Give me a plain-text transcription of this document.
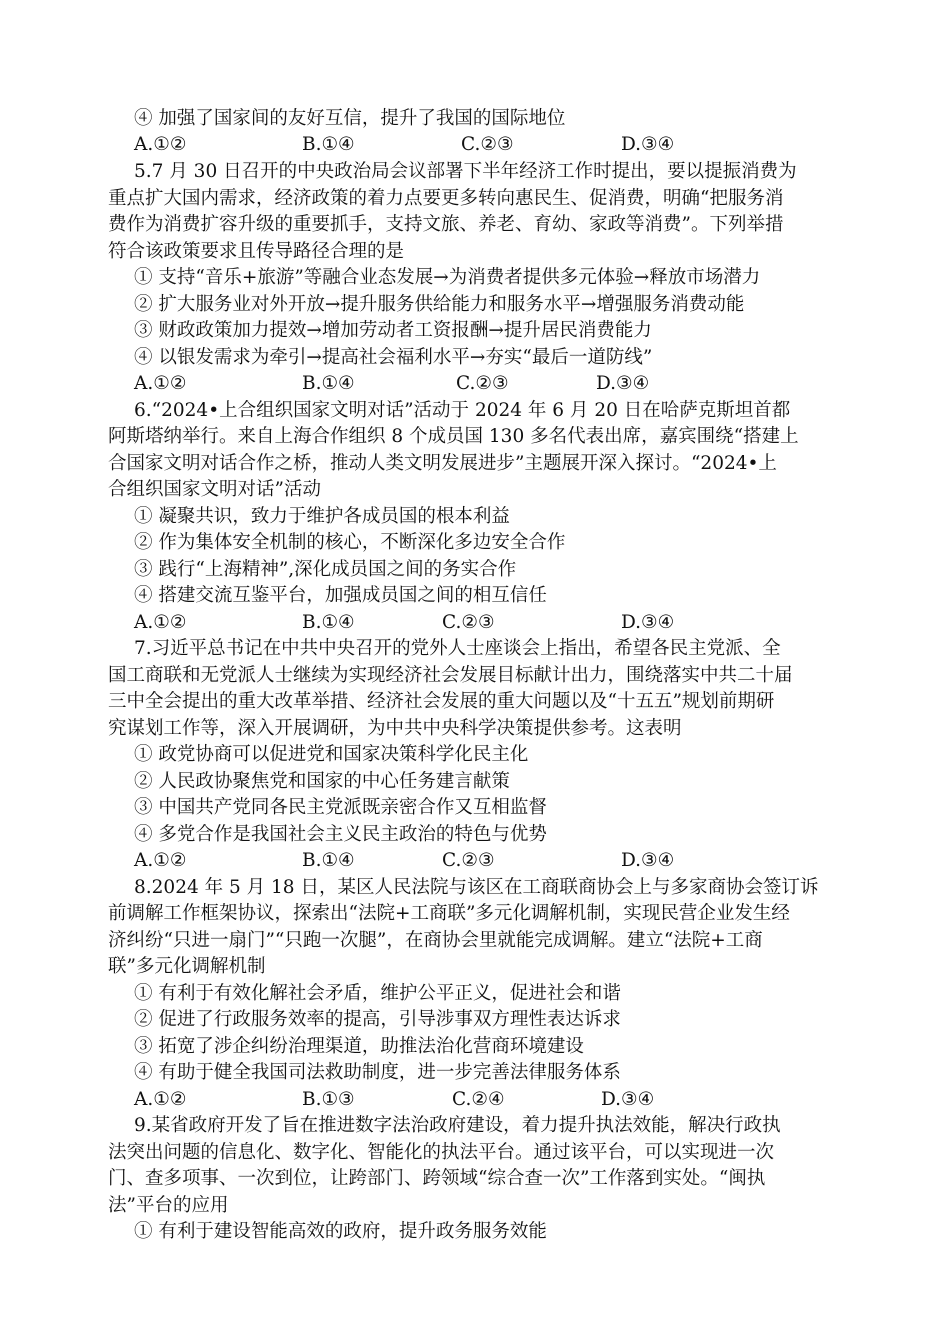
④ 加强了国家间的友好互信，提升了我国的国际地位
A.①②	B.①④	C.②③	D.③④
5.7 月 30 日召开的中央政治局会议部署下半年经济工作时提出，要以提振消费为
重点扩大国内需求，经济政策的着力点要更多转向惠民生、促消费，明确“把服务消
费作为消费扩容升级的重要抓手，支持文旅、养老、育幼、家政等消费”。下列举措
符合该政策要求且传导路径合理的是
① 支持“音乐+旅游”等融合业态发展→为消费者提供多元体验→释放市场潜力
② 扩大服务业对外开放→提升服务供给能力和服务水平→增强服务消费动能
③ 财政政策加力提效→增加劳动者工资报酬→提升居民消费能力
④ 以银发需求为牵引→提高社会福利水平→夯实“最后一道防线”
A.①②	B.①④	C.②③	D.③④
6.“2024•上合组织国家文明对话”活动于 2024 年 6 月 20 日在哈萨克斯坦首都
阿斯塔纳举行。来自上海合作组织 8 个成员国 130 多名代表出席，嘉宾围绕“搭建上
合国家文明对话合作之桥，推动人类文明发展进步”主题展开深入探讨。“2024•上
合组织国家文明对话”活动
① 凝聚共识，致力于维护各成员国的根本利益
② 作为集体安全机制的核心，不断深化多边安全合作
③ 践行“上海精神”,深化成员国之间的务实合作
④ 搭建交流互鉴平台，加强成员国之间的相互信任
A.①②	B.①④	C.②③	D.③④
7.习近平总书记在中共中央召开的党外人士座谈会上指出，希望各民主党派、全
国工商联和无党派人士继续为实现经济社会发展目标献计出力，围绕落实中共二十届
三中全会提出的重大改革举措、经济社会发展的重大问题以及“十五五”规划前期研
究谋划工作等，深入开展调研，为中共中央科学决策提供参考。这表明
① 政党协商可以促进党和国家决策科学化民主化
② 人民政协聚焦党和国家的中心任务建言献策
③ 中国共产党同各民主党派既亲密合作又互相监督
④ 多党合作是我国社会主义民主政治的特色与优势
A.①②	B.①④	C.②③	D.③④
8.2024 年 5 月 18 日，某区人民法院与该区在工商联商协会上与多家商协会签订诉
前调解工作框架协议，探索出“法院+工商联”多元化调解机制，实现民营企业发生经
济纠纷“只进一扇门”“只跑一次腿”，在商协会里就能完成调解。建立“法院+工商
联”多元化调解机制
① 有利于有效化解社会矛盾，维护公平正义，促进社会和谐
② 促进了行政服务效率的提高，引导涉事双方理性表达诉求
③ 拓宽了涉企纠纷治理渠道，助推法治化营商环境建设
④ 有助于健全我国司法救助制度，进一步完善法律服务体系
A.①②	B.①③	C.②④	D.③④
9.某省政府开发了旨在推进数字法治政府建设，着力提升执法效能，解决行政执
法突出问题的信息化、数字化、智能化的执法平台。通过该平台，可以实现进一次
门、查多项事、一次到位，让跨部门、跨领域“综合查一次”工作落到实处。“闽执
法”平台的应用
① 有利于建设智能高效的政府，提升政务服务效能
